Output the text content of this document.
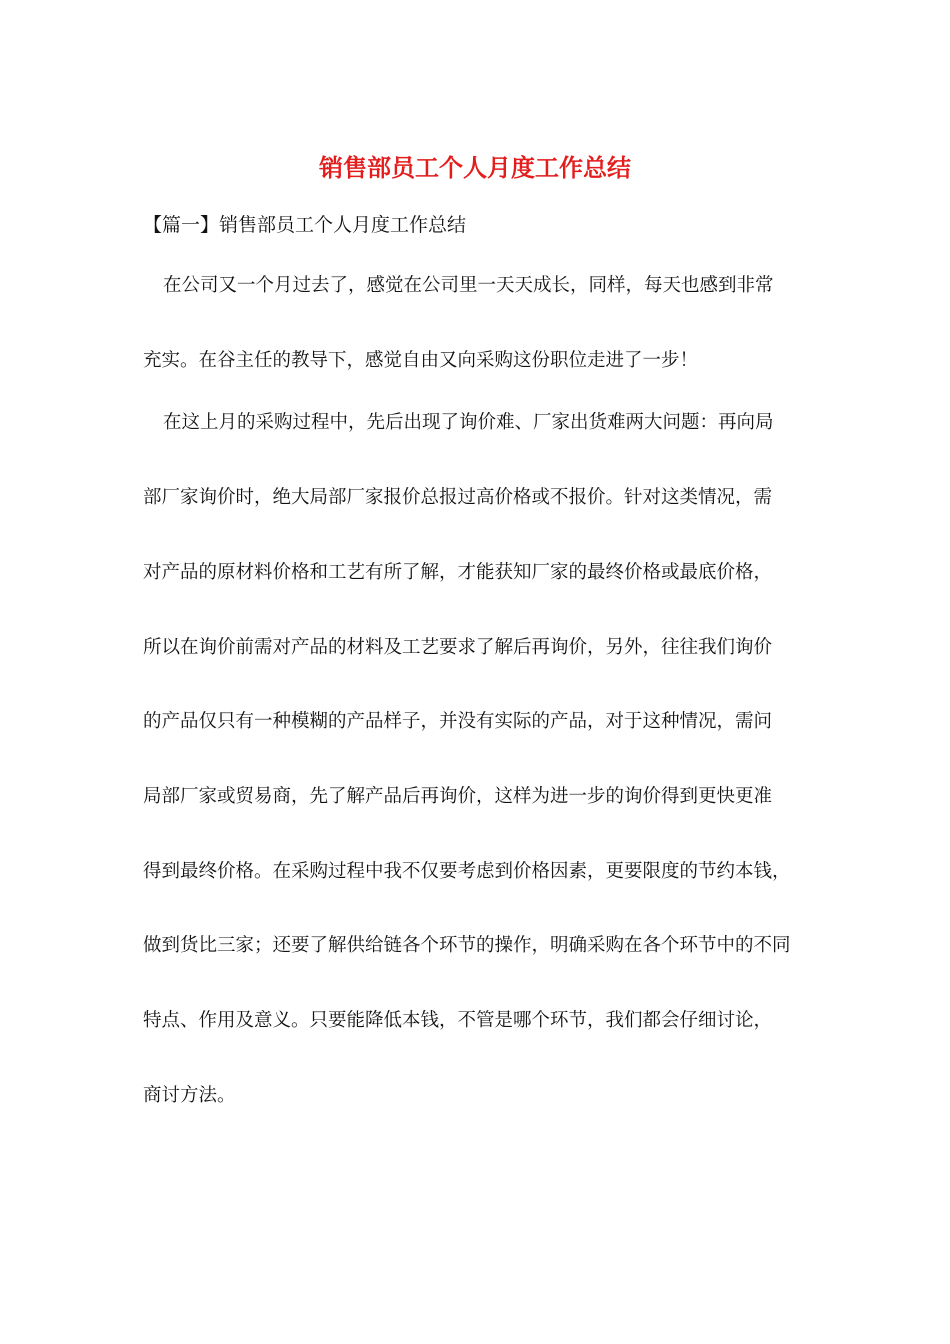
销售部员工个人月度工作总结
【篇一】销售部员工个人月度工作总结
在公司又一个月过去了，感觉在公司里一天天成长，同样，每天也感到非常
充实。在谷主任的教导下，感觉自由又向采购这份职位走进了一步！
在这上月的采购过程中，先后出现了询价难、厂家出货难两大问题：再向局
部厂家询价时，绝大局部厂家报价总报过高价格或不报价。针对这类情况，需
对产品的原材料价格和工艺有所了解，才能获知厂家的最终价格或最底价格，
所以在询价前需对产品的材料及工艺要求了解后再询价，另外，往往我们询价
的产品仅只有一种模糊的产品样子，并没有实际的产品，对于这种情况，需问
局部厂家或贸易商，先了解产品后再询价，这样为进一步的询价得到更快更准
得到最终价格。在采购过程中我不仅要考虑到价格因素，更要限度的节约本钱，
做到货比三家；还要了解供给链各个环节的操作，明确采购在各个环节中的不同
特点、作用及意义。只要能降低本钱，不管是哪个环节，我们都会仔细讨论，
商讨方法。
